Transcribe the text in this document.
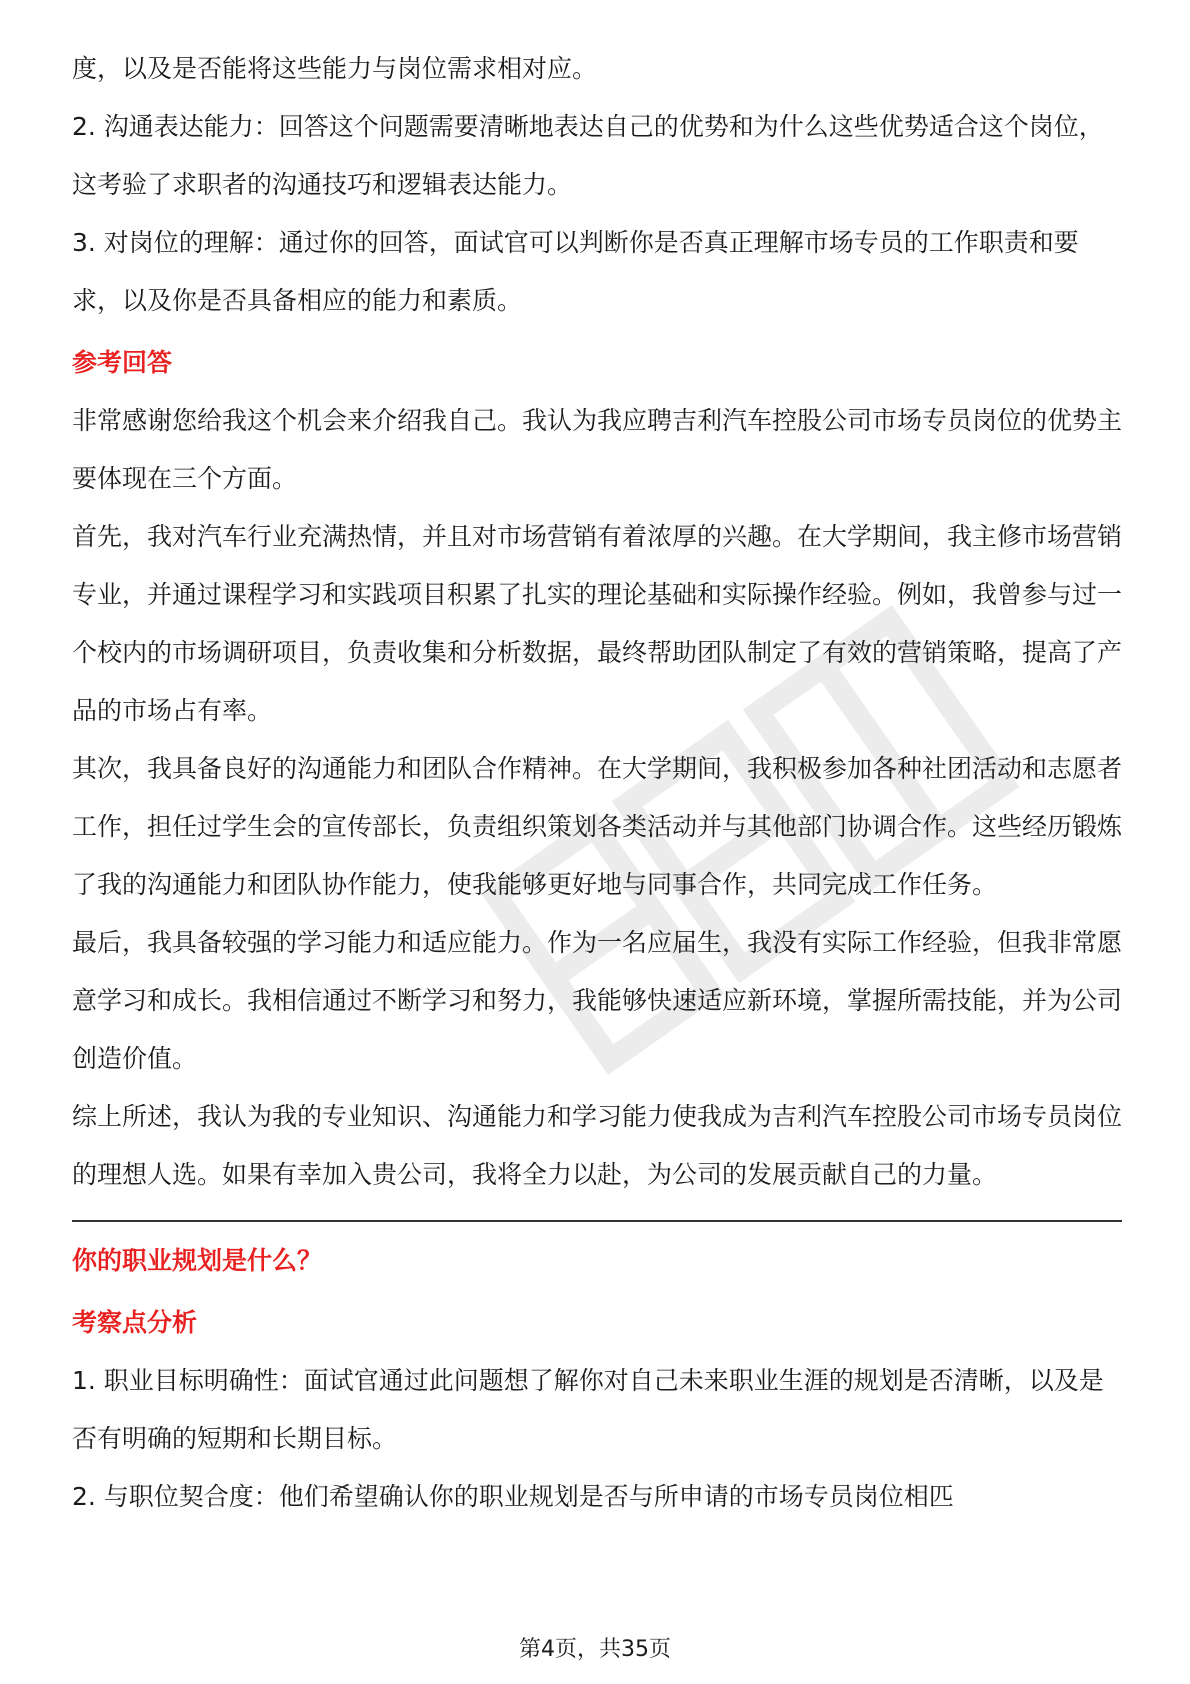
度，以及是否能将这些能力与岗位需求相对应。

2. 沟通表达能力：回答这个问题需要清晰地表达自己的优势和为什么这些优势适合这个岗位，这考验了求职者的沟通技巧和逻辑表达能力。

3. 对岗位的理解：通过你的回答，面试官可以判断你是否真正理解市场专员的工作职责和要求，以及你是否具备相应的能力和素质。

参考回答

非常感谢您给我这个机会来介绍我自己。我认为我应聘吉利汽车控股公司市场专员岗位的优势主要体现在三个方面。

首先，我对汽车行业充满热情，并且对市场营销有着浓厚的兴趣。在大学期间，我主修市场营销专业，并通过课程学习和实践项目积累了扎实的理论基础和实际操作经验。例如，我曾参与过一个校内的市场调研项目，负责收集和分析数据，最终帮助团队制定了有效的营销策略，提高了产品的市场占有率。

其次，我具备良好的沟通能力和团队合作精神。在大学期间，我积极参加各种社团活动和志愿者工作，担任过学生会的宣传部长，负责组织策划各类活动并与其他部门协调合作。这些经历锻炼了我的沟通能力和团队协作能力，使我能够更好地与同事合作，共同完成工作任务。

最后，我具备较强的学习能力和适应能力。作为一名应届生，我没有实际工作经验，但我非常愿意学习和成长。我相信通过不断学习和努力，我能够快速适应新环境，掌握所需技能，并为公司创造价值。

综上所述，我认为我的专业知识、沟通能力和学习能力使我成为吉利汽车控股公司市场专员岗位的理想人选。如果有幸加入贵公司，我将全力以赴，为公司的发展贡献自己的力量。

你的职业规划是什么？

考察点分析

1. 职业目标明确性：面试官通过此问题想了解你对自己未来职业生涯的规划是否清晰，以及是否有明确的短期和长期目标。

2. 与职位契合度：他们希望确认你的职业规划是否与所申请的市场专员岗位相匹

第4页，共35页
